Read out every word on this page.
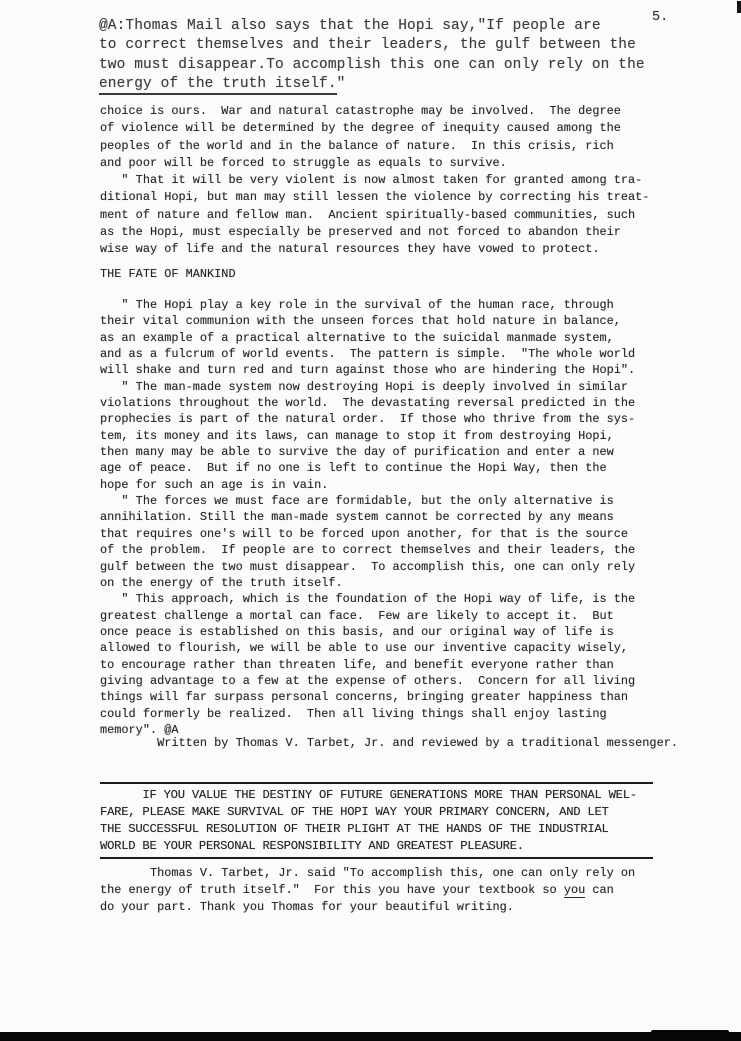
5.
@A:Thomas Mail also says that the Hopi say,"If people are
to correct themselves and their leaders, the gulf between the
two must disappear.To accomplish this one can only rely on the
energy of the truth itself."
choice is ours.  War and natural catastrophe may be involved.  The degree
of violence will be determined by the degree of inequity caused among the
peoples of the world and in the balance of nature.  In this crisis, rich
and poor will be forced to struggle as equals to survive.
" That it will be very violent is now almost taken for granted among tra-
ditional Hopi, but man may still lessen the violence by correcting his treat-
ment of nature and fellow man.  Ancient spiritually-based communities, such
as the Hopi, must especially be preserved and not forced to abandon their
wise way of life and the natural resources they have vowed to protect.
THE FATE OF MANKIND
" The Hopi play a key role in the survival of the human race, through
their vital communion with the unseen forces that hold nature in balance,
as an example of a practical alternative to the suicidal manmade system,
and as a fulcrum of world events.  The pattern is simple.  "The whole world
will shake and turn red and turn against those who are hindering the Hopi".
" The man-made system now destroying Hopi is deeply involved in similar
violations throughout the world.  The devastating reversal predicted in the
prophecies is part of the natural order.  If those who thrive from the sys-
tem, its money and its laws, can manage to stop it from destroying Hopi,
then many may be able to survive the day of purification and enter a new
age of peace.  But if no one is left to continue the Hopi Way, then the
hope for such an age is in vain.
" The forces we must face are formidable, but the only alternative is
annihilation. Still the man-made system cannot be corrected by any means
that requires one's will to be forced upon another, for that is the source
of the problem.  If people are to correct themselves and their leaders, the
gulf between the two must disappear.  To accomplish this, one can only rely
on the energy of the truth itself.
" This approach, which is the foundation of the Hopi way of life, is the
greatest challenge a mortal can face.  Few are likely to accept it.  But
once peace is established on this basis, and our original way of life is
allowed to flourish, we will be able to use our inventive capacity wisely,
to encourage rather than threaten life, and benefit everyone rather than
giving advantage to a few at the expense of others.  Concern for all living
things will far surpass personal concerns, bringing greater happiness than
could formerly be realized.  Then all living things shall enjoy lasting
memory". @A
Written by Thomas V. Tarbet, Jr. and reviewed by a traditional messenger.
IF YOU VALUE THE DESTINY OF FUTURE GENERATIONS MORE THAN PERSONAL WEL-
FARE, PLEASE MAKE SURVIVAL OF THE HOPI WAY YOUR PRIMARY CONCERN, AND LET
THE SUCCESSFUL RESOLUTION OF THEIR PLIGHT AT THE HANDS OF THE INDUSTRIAL
WORLD BE YOUR PERSONAL RESPONSIBILITY AND GREATEST PLEASURE.
Thomas V. Tarbet, Jr. said "To accomplish this, one can only rely on
the energy of truth itself."  For this you have your textbook so you can
do your part. Thank you Thomas for your beautiful writing.
